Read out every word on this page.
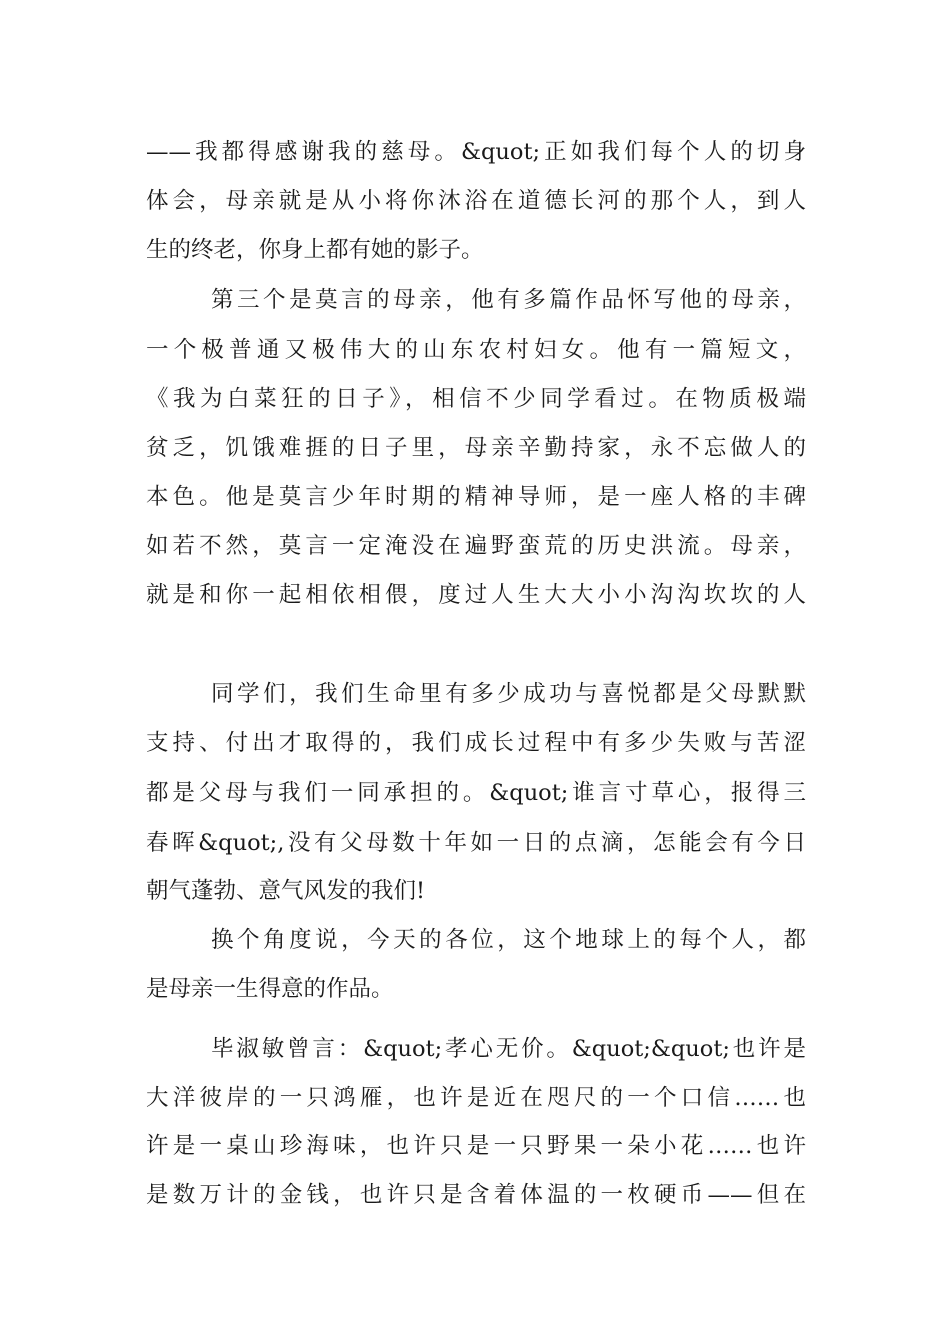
——我都得感谢我的慈母。&quot;正如我们每个人的切身
体会，母亲就是从小将你沐浴在道德长河的那个人，到人
生的终老，你身上都有她的影子。
第三个是莫言的母亲，他有多篇作品怀写他的母亲，
一个极普通又极伟大的山东农村妇女。他有一篇短文，
《我为白菜狂的日子》，相信不少同学看过。在物质极端
贫乏，饥饿难捱的日子里，母亲辛勤持家，永不忘做人的
本色。他是莫言少年时期的精神导师，是一座人格的丰碑
如若不然，莫言一定淹没在遍野蛮荒的历史洪流。母亲，
就是和你一起相依相偎，度过人生大大小小沟沟坎坎的人
同学们，我们生命里有多少成功与喜悦都是父母默默
支持、付出才取得的，我们成长过程中有多少失败与苦涩
都是父母与我们一同承担的。&quot;谁言寸草心，报得三
春晖&quot;,没有父母数十年如一日的点滴，怎能会有今日
朝气蓬勃、意气风发的我们!
换个角度说，今天的各位，这个地球上的每个人，都
是母亲一生得意的作品。
毕淑敏曾言：&quot;孝心无价。&quot;&quot;也许是
大洋彼岸的一只鸿雁，也许是近在咫尺的一个口信……也
许是一桌山珍海味，也许只是一只野果一朵小花……也许
是数万计的金钱，也许只是含着体温的一枚硬币——但在
